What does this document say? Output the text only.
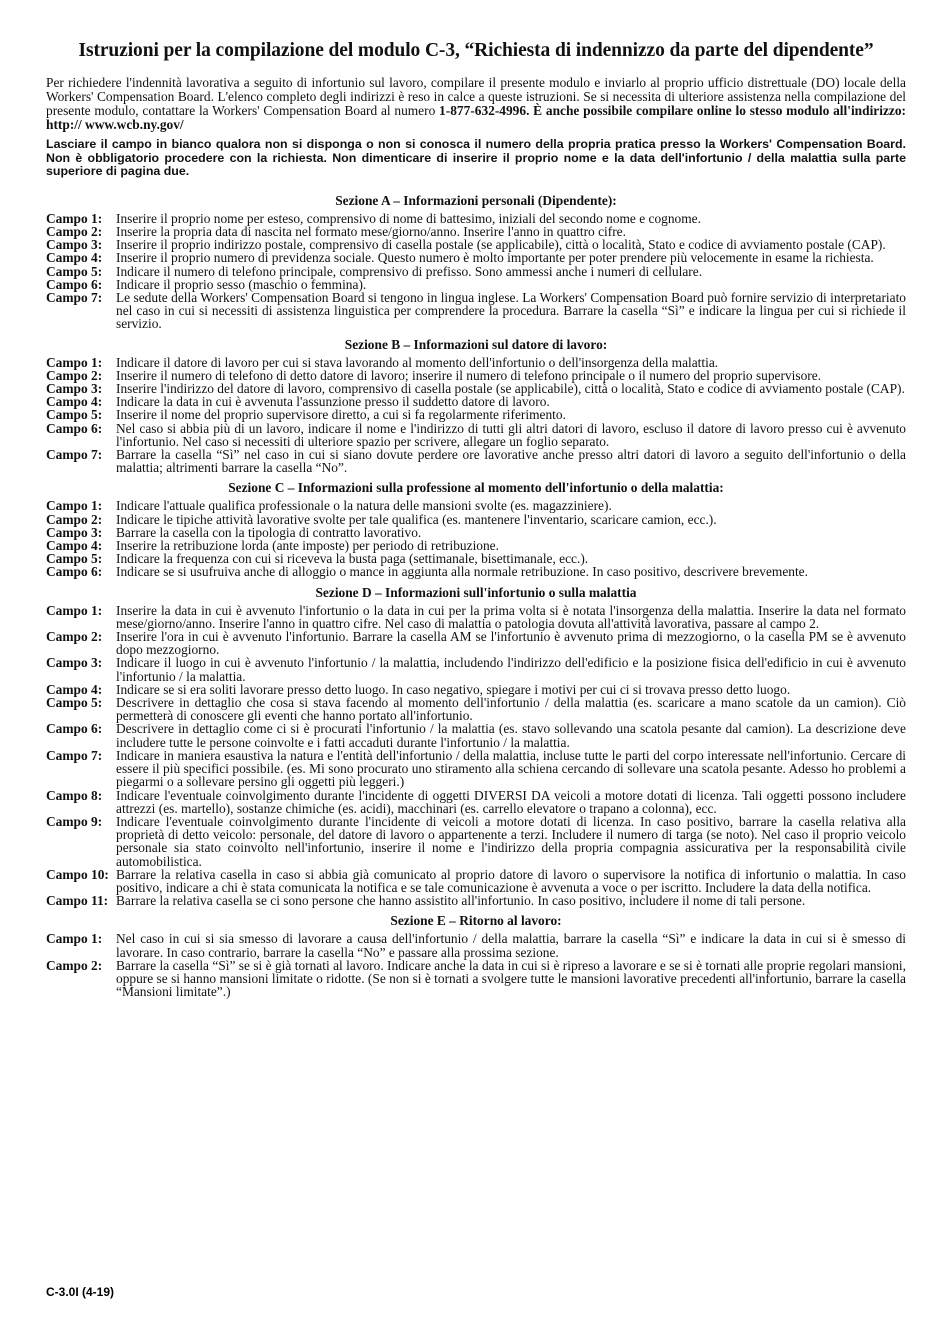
Istruzioni per la compilazione del modulo C-3, “Richiesta di indennizzo da parte del dipendente”

Per richiedere l'indennità lavorativa a seguito di infortunio sul lavoro, compilare il presente modulo e inviarlo al proprio ufficio distrettuale (DO) locale della Workers' Compensation Board. L'elenco completo degli indirizzi è reso in calce a queste istruzioni. Se si necessita di ulteriore assistenza nella compilazione del presente modulo, contattare la Workers' Compensation Board al numero 1-877-632-4996. È anche possibile compilare online lo stesso modulo all'indirizzo: http:// www.wcb.ny.gov/

Lasciare il campo in bianco qualora non si disponga o non si conosca il numero della propria pratica presso la Workers' Compensation Board. Non è obbligatorio procedere con la richiesta. Non dimenticare di inserire il proprio nome e la data dell'infortunio / della malattia sulla parte superiore di pagina due.

Sezione A – Informazioni personali (Dipendente):
Campo 1:	Inserire il proprio nome per esteso, comprensivo di nome di battesimo, iniziali del secondo nome e cognome.
Campo 2:	Inserire la propria data di nascita nel formato mese/giorno/anno. Inserire l'anno in quattro cifre.
Campo 3:	Inserire il proprio indirizzo postale, comprensivo di casella postale (se applicabile), città o località, Stato e codice di avviamento postale (CAP).
Campo 4:	Inserire il proprio numero di previdenza sociale. Questo numero è molto importante per poter prendere più velocemente in esame la richiesta.
Campo 5:	Indicare il numero di telefono principale, comprensivo di prefisso. Sono ammessi anche i numeri di cellulare.
Campo 6:	Indicare il proprio sesso (maschio o femmina).
Campo 7:	Le sedute della Workers' Compensation Board si tengono in lingua inglese. La Workers' Compensation Board può fornire servizio di interpretariato nel caso in cui si necessiti di assistenza linguistica per comprendere la procedura. Barrare la casella “Sì” e indicare la lingua per cui si richiede il servizio.
Sezione B – Informazioni sul datore di lavoro:
Campo 1:	Indicare il datore di lavoro per cui si stava lavorando al momento dell'infortunio o dell'insorgenza della malattia.
Campo 2:	Inserire il numero di telefono di detto datore di lavoro; inserire il numero di telefono principale o il numero del proprio supervisore.
Campo 3:	Inserire l'indirizzo del datore di lavoro, comprensivo di casella postale (se applicabile), città o località, Stato e codice di avviamento postale (CAP).
Campo 4:	Indicare la data in cui è avvenuta l'assunzione presso il suddetto datore di lavoro.
Campo 5:	Inserire il nome del proprio supervisore diretto, a cui si fa regolarmente riferimento.
Campo 6:	Nel caso si abbia più di un lavoro, indicare il nome e l'indirizzo di tutti gli altri datori di lavoro, escluso il datore di lavoro presso cui è avvenuto l'infortunio. Nel caso si necessiti di ulteriore spazio per scrivere, allegare un foglio separato.
Campo 7:	Barrare la casella “Sì” nel caso in cui si siano dovute perdere ore lavorative anche presso altri datori di lavoro a seguito dell'infortunio o della malattia; altrimenti barrare la casella “No”.
Sezione C – Informazioni sulla professione al momento dell'infortunio o della malattia:
Campo 1:	Indicare l'attuale qualifica professionale o la natura delle mansioni svolte (es. magazziniere).
Campo 2:	Indicare le tipiche attività lavorative svolte per tale qualifica (es. mantenere l'inventario, scaricare camion, ecc.).
Campo 3:	Barrare la casella con la tipologia di contratto lavorativo.
Campo 4:	Inserire la retribuzione lorda (ante imposte) per periodo di retribuzione.
Campo 5:	Indicare la frequenza con cui si riceveva la busta paga (settimanale, bisettimanale, ecc.).
Campo 6:	Indicare se si usufruiva anche di alloggio o mance in aggiunta alla normale retribuzione. In caso positivo, descrivere brevemente.
Sezione D – Informazioni sull'infortunio o sulla malattia
Campo 1:	Inserire la data in cui è avvenuto l'infortunio o la data in cui per la prima volta si è notata l'insorgenza della malattia. Inserire la data nel formato mese/giorno/anno. Inserire l'anno in quattro cifre. Nel caso di malattia o patologia dovuta all'attività lavorativa, passare al campo 2.
Campo 2:	Inserire l'ora in cui è avvenuto l'infortunio. Barrare la casella AM se l'infortunio è avvenuto prima di mezzogiorno, o la casella PM se è avvenuto dopo mezzogiorno.
Campo 3:	Indicare il luogo in cui è avvenuto l'infortunio / la malattia, includendo l'indirizzo dell'edificio e la posizione fisica dell'edificio in cui è avvenuto l'infortunio / la malattia.
Campo 4:	Indicare se si era soliti lavorare presso detto luogo. In caso negativo, spiegare i motivi per cui ci si trovava presso detto luogo.
Campo 5:	Descrivere in dettaglio che cosa si stava facendo al momento dell'infortunio / della malattia (es. scaricare a mano scatole da un camion). Ciò permetterà di conoscere gli eventi che hanno portato all'infortunio.
Campo 6:	Descrivere in dettaglio come ci si è procurati l'infortunio / la malattia (es. stavo sollevando una scatola pesante dal camion). La descrizione deve includere tutte le persone coinvolte e i fatti accaduti durante l'infortunio / la malattia.
Campo 7:	Indicare in maniera esaustiva la natura e l'entità dell'infortunio / della malattia, incluse tutte le parti del corpo interessate nell'infortunio. Cercare di essere il più specifici possibile. (es. Mi sono procurato uno stiramento alla schiena cercando di sollevare una scatola pesante. Adesso ho problemi a piegarmi o a sollevare persino gli oggetti più leggeri.)
Campo 8:	Indicare l'eventuale coinvolgimento durante l'incidente di oggetti DIVERSI DA veicoli a motore dotati di licenza. Tali oggetti possono includere attrezzi (es. martello), sostanze chimiche (es. acidi), macchinari (es. carrello elevatore o trapano a colonna), ecc.
Campo 9:	Indicare l'eventuale coinvolgimento durante l'incidente di veicoli a motore dotati di licenza. In caso positivo, barrare la casella relativa alla proprietà di detto veicolo: personale, del datore di lavoro o appartenente a terzi. Includere il numero di targa (se noto). Nel caso il proprio veicolo personale sia stato coinvolto nell'infortunio, inserire il nome e l'indirizzo della propria compagnia assicurativa per la responsabilità civile automobilistica.
Campo 10: Barrare la relativa casella in caso si abbia già comunicato al proprio datore di lavoro o supervisore la notifica di infortunio o malattia. In caso positivo, indicare a chi è stata comunicata la notifica e se tale comunicazione è avvenuta a voce o per iscritto. Includere la data della notifica.
Campo 11: Barrare la relativa casella se ci sono persone che hanno assistito all'infortunio. In caso positivo, includere il nome di tali persone.
Sezione E – Ritorno al lavoro:
Campo 1:	Nel caso in cui si sia smesso di lavorare a causa dell'infortunio / della malattia, barrare la casella “Sì” e indicare la data in cui si è smesso di lavorare. In caso contrario, barrare la casella “No” e passare alla prossima sezione.
Campo 2:	Barrare la casella “Sì” se si è già tornati al lavoro. Indicare anche la data in cui si è ripreso a lavorare e se si è tornati alle proprie regolari mansioni, oppure se si hanno mansioni limitate o ridotte. (Se non si è tornati a svolgere tutte le mansioni lavorative precedenti all'infortunio, barrare la casella “Mansioni limitate”.)
C-3.0I (4-19)
